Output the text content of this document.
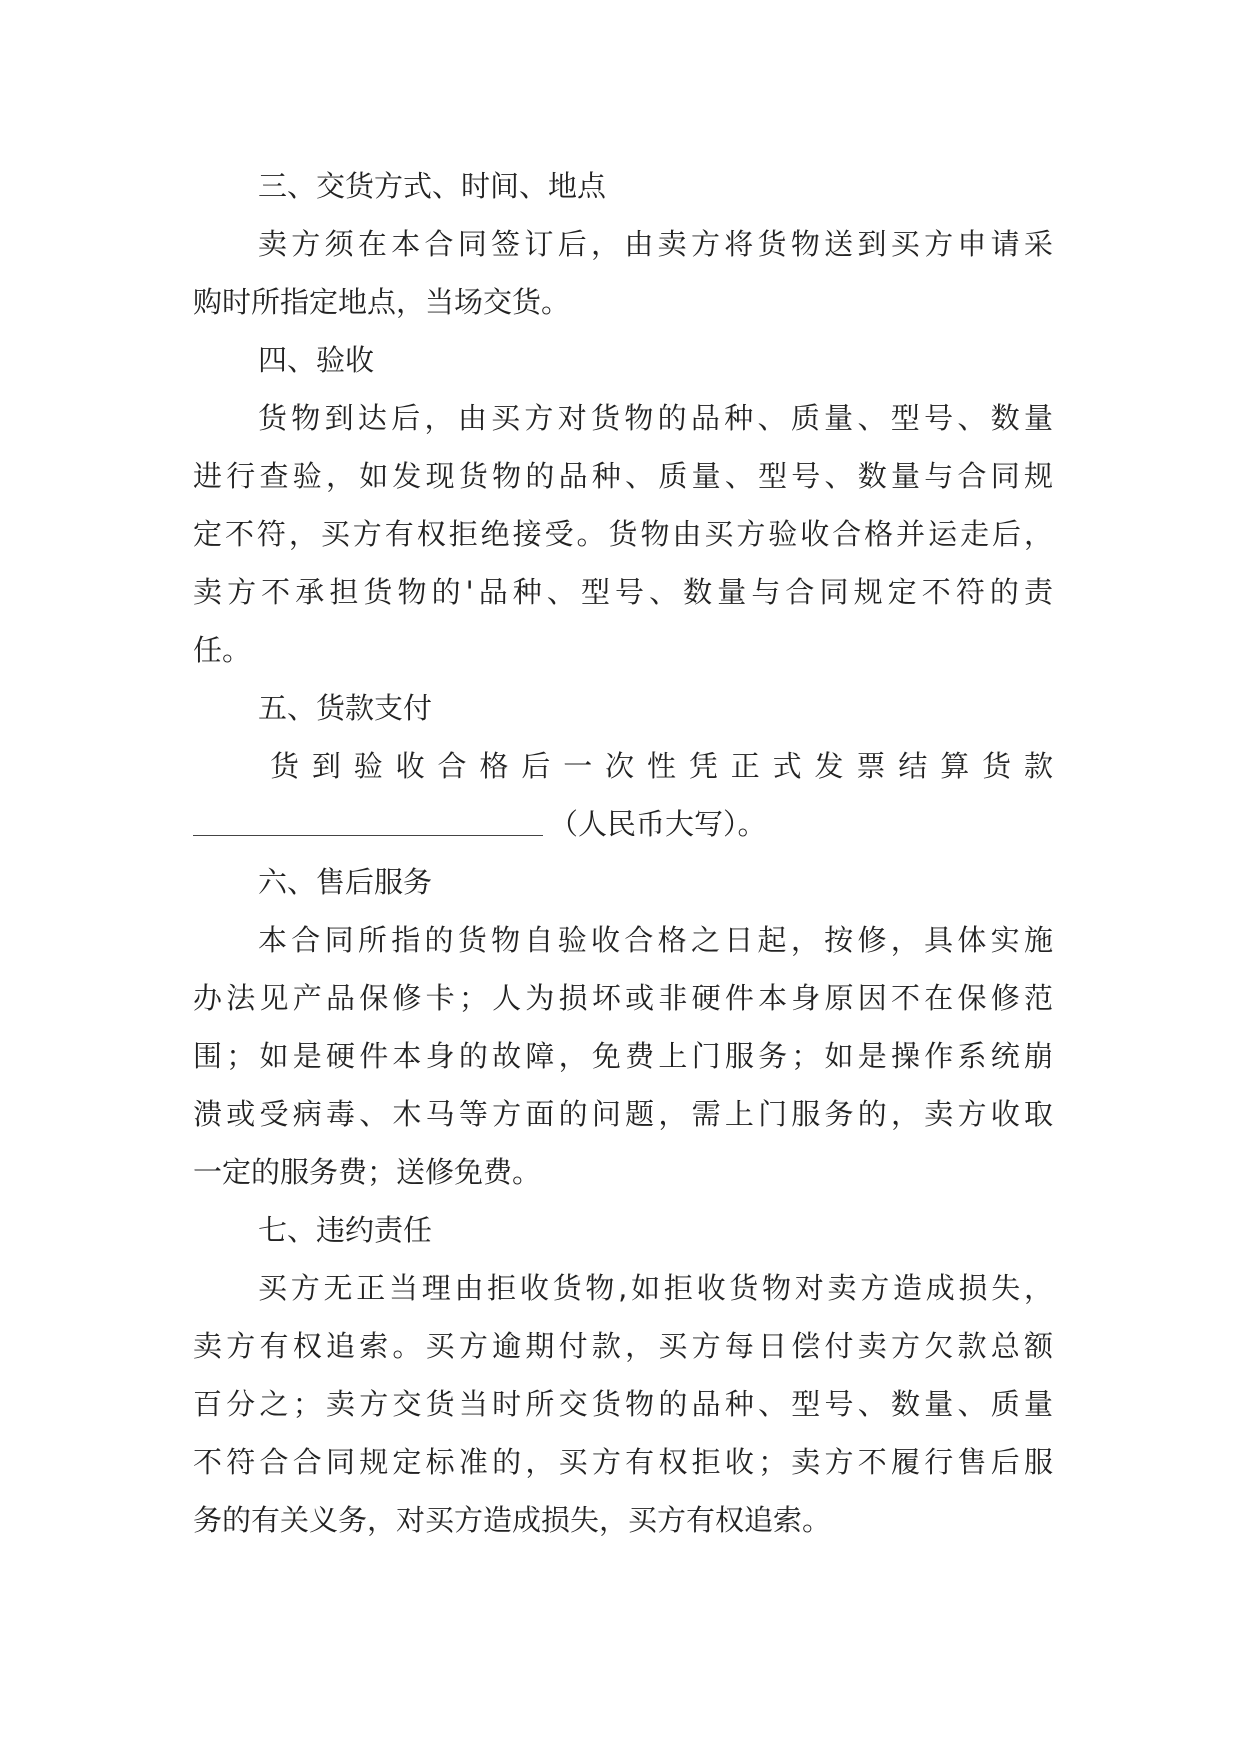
三、交货方式、时间、地点
卖方须在本合同签订后，由卖方将货物送到买方申请采
购时所指定地点，当场交货。
四、验收
货物到达后，由买方对货物的品种、质量、型号、数量
进行查验，如发现货物的品种、质量、型号、数量与合同规
定不符，买方有权拒绝接受。货物由买方验收合格并运走后，
卖方不承担货物的'品种、型号、数量与合同规定不符的责
任。
五、货款支付
货到验收合格后一次性凭正式发票结算货款
（人民币大写）。
六、售后服务
本合同所指的货物自验收合格之日起，按修，具体实施
办法见产品保修卡；人为损坏或非硬件本身原因不在保修范
围；如是硬件本身的故障，免费上门服务；如是操作系统崩
溃或受病毒、木马等方面的问题，需上门服务的，卖方收取
一定的服务费；送修免费。
七、违约责任
买方无正当理由拒收货物,如拒收货物对卖方造成损失，
卖方有权追索。买方逾期付款，买方每日偿付卖方欠款总额
百分之；卖方交货当时所交货物的品种、型号、数量、质量
不符合合同规定标准的，买方有权拒收；卖方不履行售后服
务的有关义务，对买方造成损失，买方有权追索。
